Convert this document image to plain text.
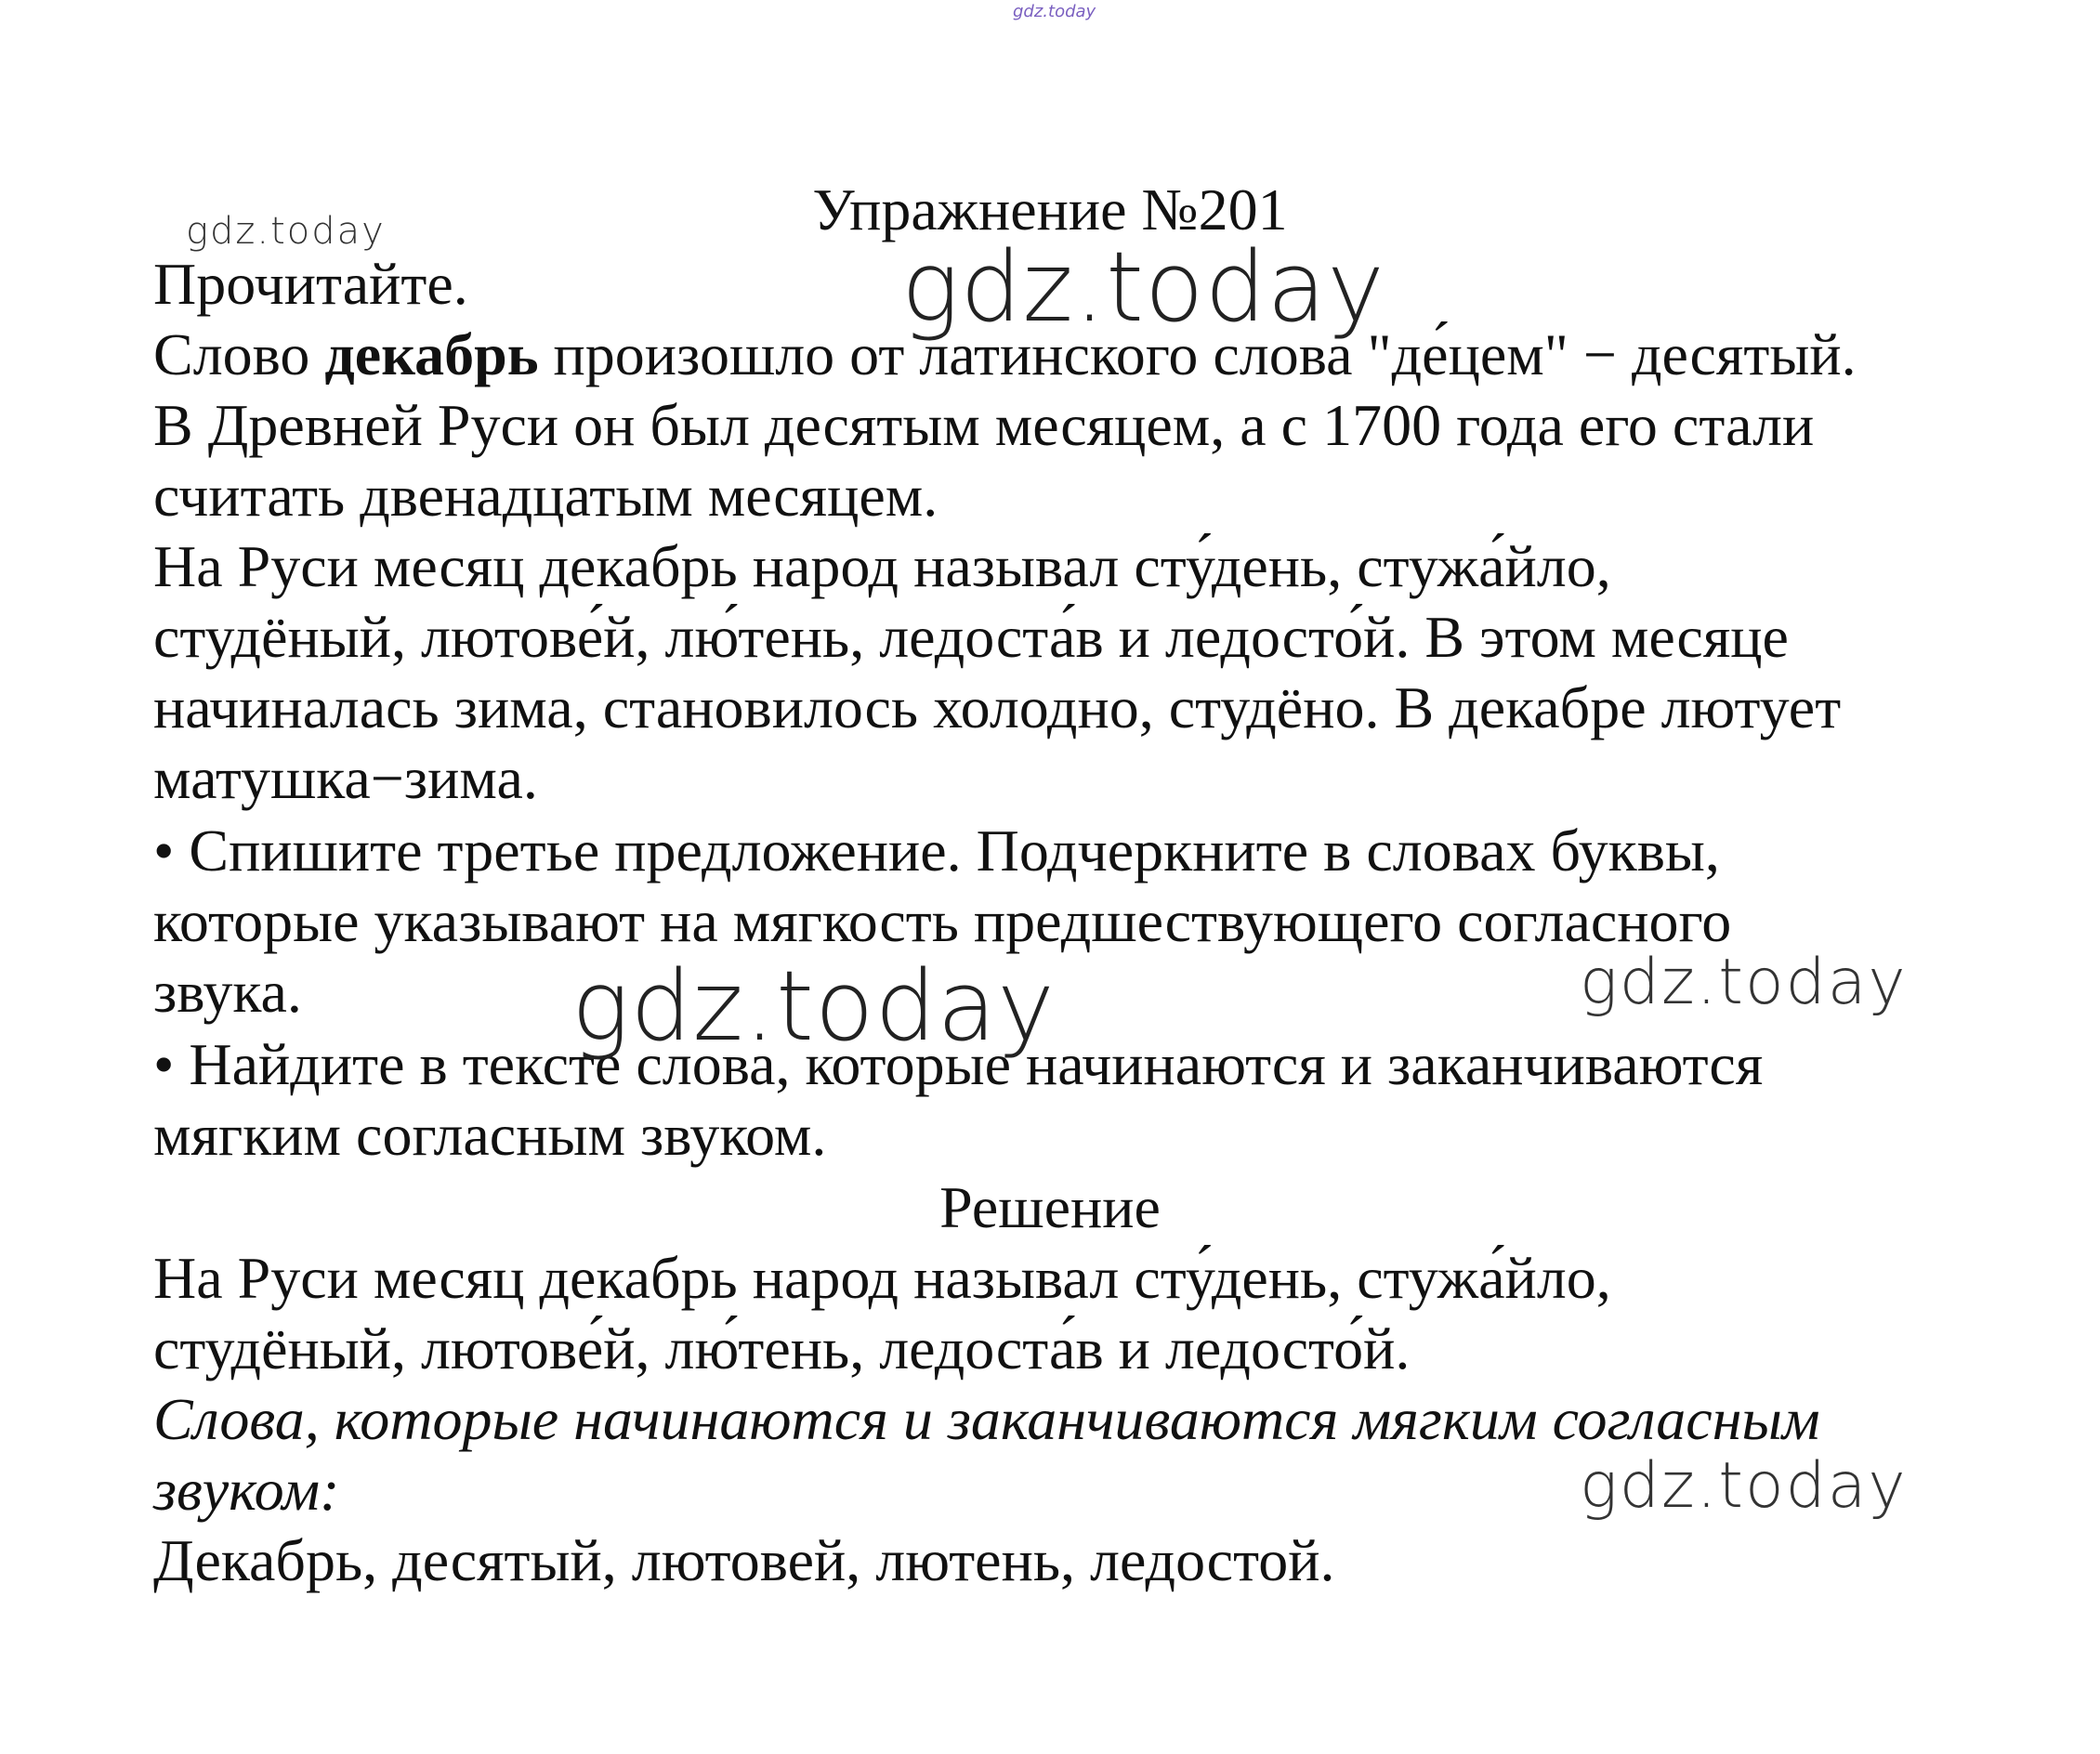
gdz.today
gdz.today	Упражнение №201
Прочитайте.
Слово декабрь произошло от латинского слова "де́цем" − десятый.
В Древней Руси он был десятым месяцем, а с 1700 года его стали
считать двенадцатым месяцем.
На Руси месяц декабрь народ называл сту́день, стужа́йло,
студёный, лютове́й, лю́тень, ледоста́в и ледосто́й. В этом месяце
начиналась зима, становилось холодно, студёно. В декабре лютует
матушка−зима.
• Спишите третье предложение. Подчеркните в словах буквы,
которые указывают на мягкость предшествующего согласного
звука.
• Найдите в тексте слова, которые начинаются и заканчиваются
мягким согласным звуком.
Решение
На Руси месяц декабрь народ называл сту́день, стужа́йло,
студёный, лютове́й, лю́тень, ледоста́в и ледосто́й.
Слова, которые начинаются и заканчиваются мягким согласным
звуком:
Декабрь, десятый, лютовей, лютень, ледостой.
gdz.today
gdz.today	gdz.today
gdz.today
